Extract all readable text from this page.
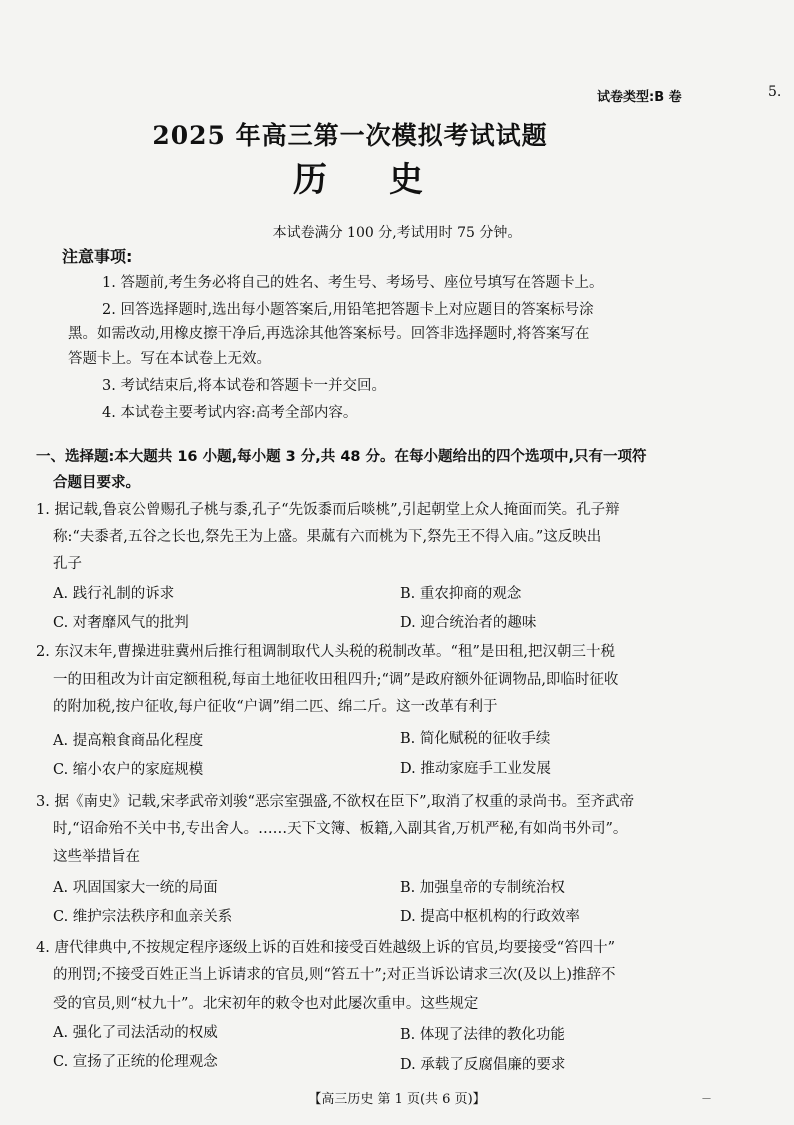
试卷类型:B 卷	5.
2025 年高三第一次模拟考试试题
历 史
本试卷满分 100 分,考试用时 75 分钟。
注意事项:
1. 答题前,考生务必将自己的姓名、考生号、考场号、座位号填写在答题卡上。
2. 回答选择题时,选出每小题答案后,用铅笔把答题卡上对应题目的答案标号涂
黑。如需改动,用橡皮擦干净后,再选涂其他答案标号。回答非选择题时,将答案写在
答题卡上。写在本试卷上无效。
3. 考试结束后,将本试卷和答题卡一并交回。
4. 本试卷主要考试内容:高考全部内容。
一、选择题:本大题共 16 小题,每小题 3 分,共 48 分。在每小题给出的四个选项中,只有一项符
合题目要求。
1. 据记载,鲁哀公曾赐孔子桃与黍,孔子“先饭黍而后啖桃”,引起朝堂上众人掩面而笑。孔子辩
称:“夫黍者,五谷之长也,祭先王为上盛。果蓏有六而桃为下,祭先王不得入庙。”这反映出
孔子
A. 践行礼制的诉求	B. 重农抑商的观念
C. 对奢靡风气的批判	D. 迎合统治者的趣味
2. 东汉末年,曹操进驻冀州后推行租调制取代人头税的税制改革。“租”是田租,把汉朝三十税
一的田租改为计亩定额租税,每亩土地征收田租四升;“调”是政府额外征调物品,即临时征收
的附加税,按户征收,每户征收“户调”绢二匹、绵二斤。这一改革有利于
A. 提高粮食商品化程度	B. 简化赋税的征收手续
C. 缩小农户的家庭规模	D. 推动家庭手工业发展
3. 据《南史》记载,宋孝武帝刘骏“恶宗室强盛,不欲权在臣下”,取消了权重的录尚书。至齐武帝
时,“诏命殆不关中书,专出舍人。……天下文簿、板籍,入副其省,万机严秘,有如尚书外司”。
这些举措旨在
A. 巩固国家大一统的局面	B. 加强皇帝的专制统治权
C. 维护宗法秩序和血亲关系	D. 提高中枢机构的行政效率
4. 唐代律典中,不按规定程序逐级上诉的百姓和接受百姓越级上诉的官员,均要接受“笞四十”
的刑罚;不接受百姓正当上诉请求的官员,则“笞五十”;对正当诉讼请求三次(及以上)推辞不
受的官员,则“杖九十”。北宋初年的敕令也对此屡次重申。这些规定
A. 强化了司法活动的权威	B. 体现了法律的教化功能
C. 宣扬了正统的伦理观念	D. 承载了反腐倡廉的要求
【高三历史 第 1 页(共 6 页)】	—
